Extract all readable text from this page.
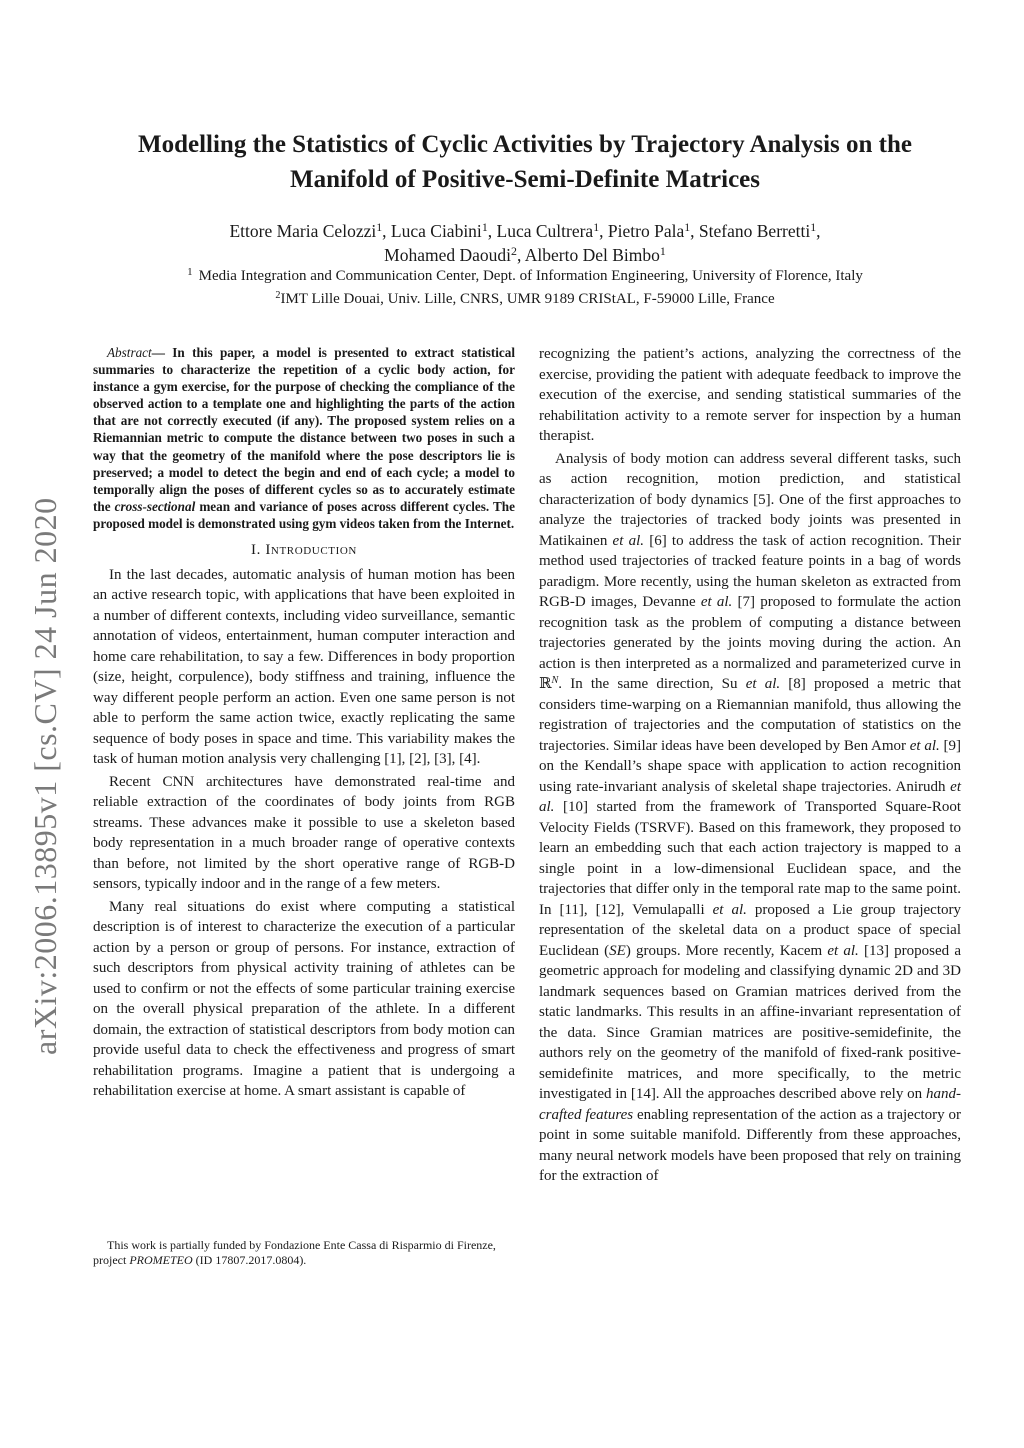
arXiv:2006.13895v1 [cs.CV] 24 Jun 2020
Modelling the Statistics of Cyclic Activities by Trajectory Analysis on the Manifold of Positive-Semi-Definite Matrices
Ettore Maria Celozzi$^1$, Luca Ciabini$^1$, Luca Cultrera$^1$, Pietro Pala$^1$, Stefano Berretti$^1$,
Mohamed Daoudi$^2$, Alberto Del Bimbo$^1$
$^1$ Media Integration and Communication Center, Dept. of Information Engineering, University of Florence, Italy
$^2$IMT Lille Douai, Univ. Lille, CNRS, UMR 9189 CRIStAL, F-59000 Lille, France

Abstract— In this paper, a model is presented to extract statistical summaries to characterize the repetition of a cyclic body action, for instance a gym exercise, for the purpose of checking the compliance of the observed action to a template one and highlighting the parts of the action that are not correctly executed (if any). The proposed system relies on a Riemannian metric to compute the distance between two poses in such a way that the geometry of the manifold where the pose descriptors lie is preserved; a model to detect the begin and end of each cycle; a model to temporally align the poses of different cycles so as to accurately estimate the cross-sectional mean and variance of poses across different cycles. The proposed model is demonstrated using gym videos taken from the Internet.

I. Introduction

In the last decades, automatic analysis of human motion has been an active research topic, with applications that have been exploited in a number of different contexts, including video surveillance, semantic annotation of videos, entertainment, human computer interaction and home care rehabilitation, to say a few. Differences in body proportion (size, height, corpulence), body stiffness and training, influence the way different people perform an action. Even one same person is not able to perform the same action twice, exactly replicating the same sequence of body poses in space and time. This variability makes the task of human motion analysis very challenging [1], [2], [3], [4].

Recent CNN architectures have demonstrated real-time and reliable extraction of the coordinates of body joints from RGB streams. These advances make it possible to use a skeleton based body representation in a much broader range of operative contexts than before, not limited by the short operative range of RGB-D sensors, typically indoor and in the range of a few meters.

Many real situations do exist where computing a statistical description is of interest to characterize the execution of a particular action by a person or group of persons. For instance, extraction of such descriptors from physical activity training of athletes can be used to confirm or not the effects of some particular training exercise on the overall physical preparation of the athlete. In a different domain, the extraction of statistical descriptors from body motion can provide useful data to check the effectiveness and progress of smart rehabilitation programs. Imagine a patient that is undergoing a rehabilitation exercise at home. A smart assistant is capable of

This work is partially funded by Fondazione Ente Cassa di Risparmio di Firenze, project PROMETEO (ID 17807.2017.0804).

recognizing the patient’s actions, analyzing the correctness of the exercise, providing the patient with adequate feedback to improve the execution of the exercise, and sending statistical summaries of the rehabilitation activity to a remote server for inspection by a human therapist.

Analysis of body motion can address several different tasks, such as action recognition, motion prediction, and statistical characterization of body dynamics [5]. One of the first approaches to analyze the trajectories of tracked body joints was presented in Matikainen et al. [6] to address the task of action recognition. Their method used trajectories of tracked feature points in a bag of words paradigm. More recently, using the human skeleton as extracted from RGB-D images, Devanne et al. [7] proposed to formulate the action recognition task as the problem of computing a distance between trajectories generated by the joints moving during the action. An action is then interpreted as a normalized and parameterized curve in ℝ$^N$. In the same direction, Su et al. [8] proposed a metric that considers time-warping on a Riemannian manifold, thus allowing the registration of trajectories and the computation of statistics on the trajectories. Similar ideas have been developed by Ben Amor et al. [9] on the Kendall’s shape space with application to action recognition using rate-invariant analysis of skeletal shape trajectories. Anirudh et al. [10] started from the framework of Transported Square-Root Velocity Fields (TSRVF). Based on this framework, they proposed to learn an embedding such that each action trajectory is mapped to a single point in a low-dimensional Euclidean space, and the trajectories that differ only in the temporal rate map to the same point. In [11], [12], Vemulapalli et al. proposed a Lie group trajectory representation of the skeletal data on a product space of special Euclidean (SE) groups. More recently, Kacem et al. [13] proposed a geometric approach for modeling and classifying dynamic 2D and 3D landmark sequences based on Gramian matrices derived from the static landmarks. This results in an affine-invariant representation of the data. Since Gramian matrices are positive-semidefinite, the authors rely on the geometry of the manifold of fixed-rank positive-semidefinite matrices, and more specifically, to the metric investigated in [14]. All the approaches described above rely on hand-crafted features enabling representation of the action as a trajectory or point in some suitable manifold. Differently from these approaches, many neural network models have been proposed that rely on training for the extraction of
